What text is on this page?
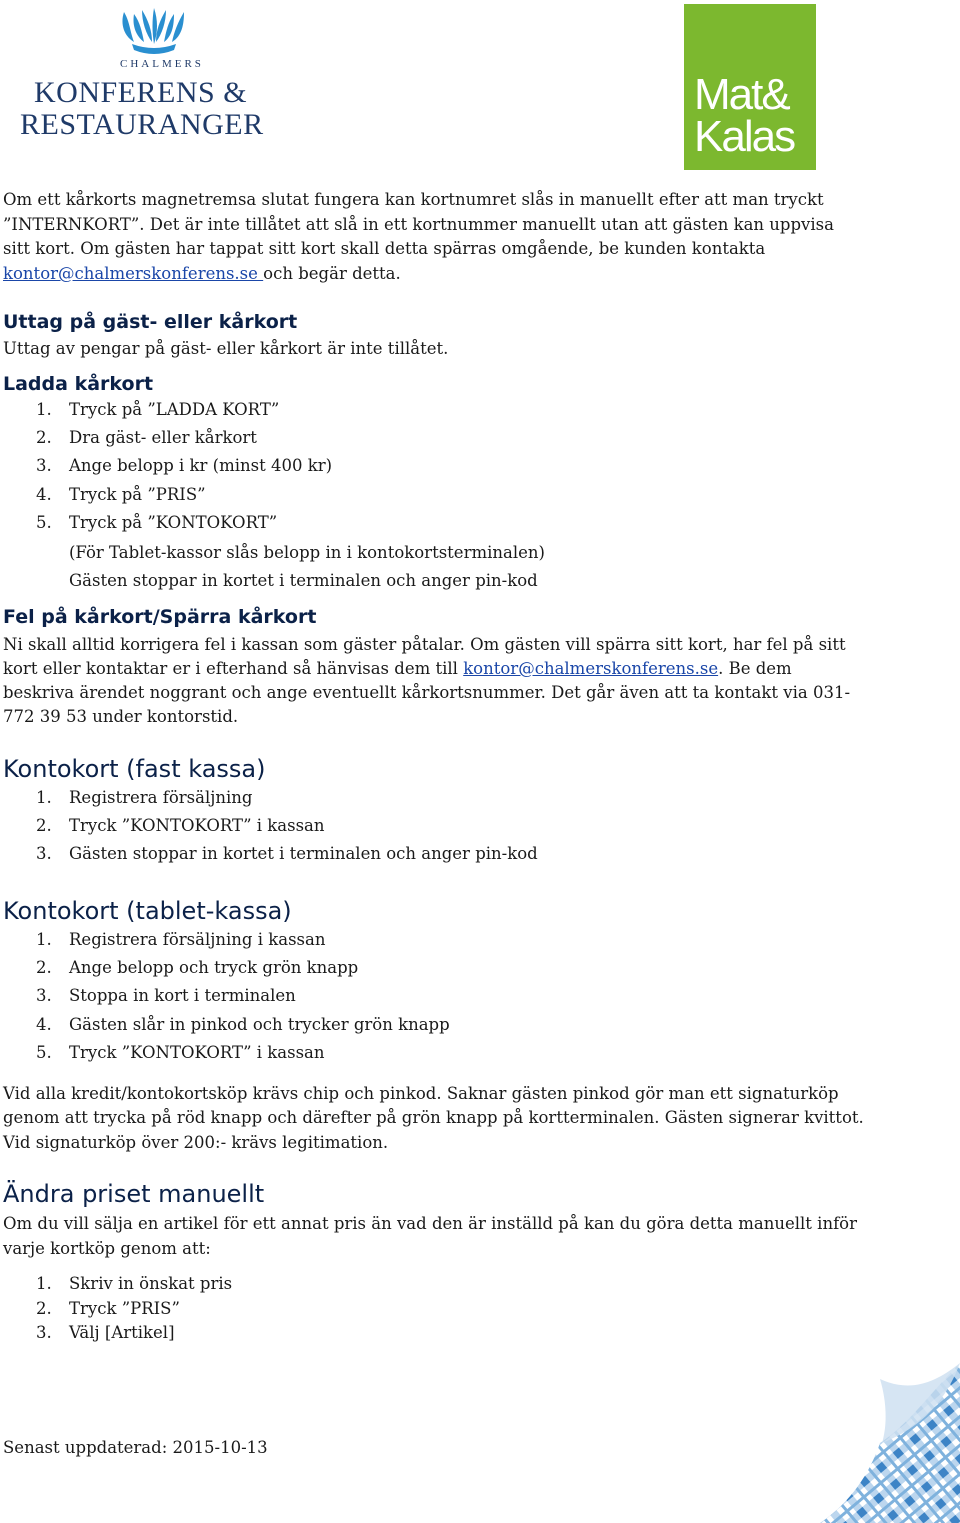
CHALMERS
KONFERENS &
RESTAURANGER
Mat&
Kalas
Om ett kårkorts magnetremsa slutat fungera kan kortnumret slås in manuellt efter att man tryckt
”INTERNKORT”. Det är inte tillåtet att slå in ett kortnummer manuellt utan att gästen kan uppvisa
sitt kort. Om gästen har tappat sitt kort skall detta spärras omgående, be kunden kontakta
kontor@chalmerskonferens.se och begär detta.
Uttag på gäst- eller kårkort
Uttag av pengar på gäst- eller kårkort är inte tillåtet.
Ladda kårkort
1. Tryck på ”LADDA KORT”
2. Dra gäst- eller kårkort
3. Ange belopp i kr (minst 400 kr)
4. Tryck på ”PRIS”
5. Tryck på ”KONTOKORT”
(För Tablet-kassor slås belopp in i kontokortsterminalen)
Gästen stoppar in kortet i terminalen och anger pin-kod
Fel på kårkort/Spärra kårkort
Ni skall alltid korrigera fel i kassan som gäster påtalar. Om gästen vill spärra sitt kort, har fel på sitt
kort eller kontaktar er i efterhand så hänvisas dem till kontor@chalmerskonferens.se. Be dem
beskriva ärendet noggrant och ange eventuellt kårkortsnummer. Det går även att ta kontakt via 031-
772 39 53 under kontorstid.
Kontokort (fast kassa)
1. Registrera försäljning
2. Tryck ”KONTOKORT” i kassan
3. Gästen stoppar in kortet i terminalen och anger pin-kod
Kontokort (tablet-kassa)
1. Registrera försäljning i kassan
2. Ange belopp och tryck grön knapp
3. Stoppa in kort i terminalen
4. Gästen slår in pinkod och trycker grön knapp
5. Tryck ”KONTOKORT” i kassan
Vid alla kredit/kontokortsköp krävs chip och pinkod. Saknar gästen pinkod gör man ett signaturköp
genom att trycka på röd knapp och därefter på grön knapp på kortterminalen. Gästen signerar kvittot.
Vid signaturköp över 200:- krävs legitimation.
Ändra priset manuellt
Om du vill sälja en artikel för ett annat pris än vad den är inställd på kan du göra detta manuellt inför
varje kortköp genom att:
1. Skriv in önskat pris
2. Tryck ”PRIS”
3. Välj [Artikel]
Senast uppdaterad: 2015-10-13
